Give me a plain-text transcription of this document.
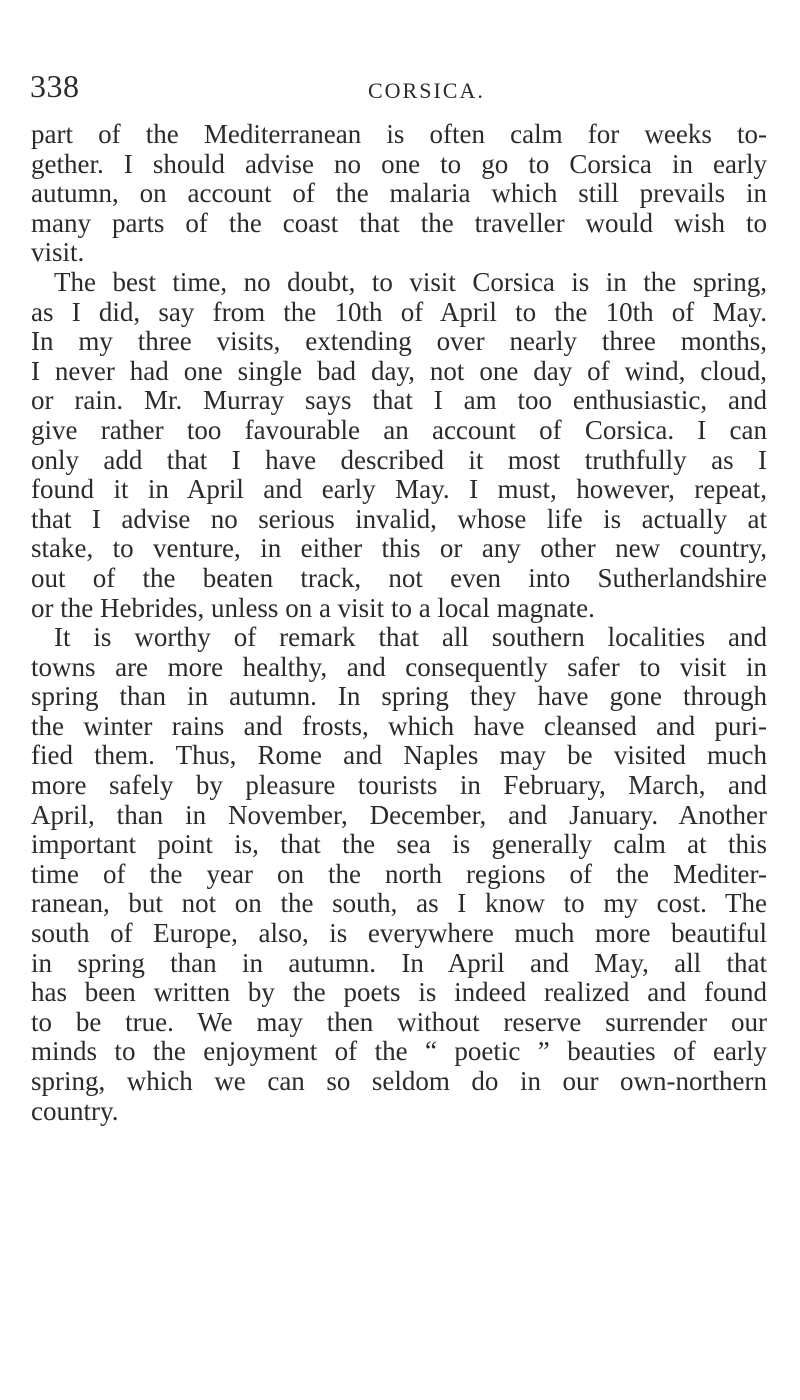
338	CORSICA.
part of the Mediterranean is often calm for weeks to-
gether. I should advise no one to go to Corsica in early
autumn, on account of the malaria which still prevails in
many parts of the coast that the traveller would wish to
visit.
The best time, no doubt, to visit Corsica is in the spring,
as I did, say from the 10th of April to the 10th of May.
In my three visits, extending over nearly three months,
I never had one single bad day, not one day of wind, cloud,
or rain. Mr. Murray says that I am too enthusiastic, and
give rather too favourable an account of Corsica. I can
only add that I have described it most truthfully as I
found it in April and early May. I must, however, repeat,
that I advise no serious invalid, whose life is actually at
stake, to venture, in either this or any other new country,
out of the beaten track, not even into Sutherlandshire
or the Hebrides, unless on a visit to a local magnate.
It is worthy of remark that all southern localities and
towns are more healthy, and consequently safer to visit in
spring than in autumn. In spring they have gone through
the winter rains and frosts, which have cleansed and puri-
fied them. Thus, Rome and Naples may be visited much
more safely by pleasure tourists in February, March, and
April, than in November, December, and January. Another
important point is, that the sea is generally calm at this
time of the year on the north regions of the Mediter-
ranean, but not on the south, as I know to my cost. The
south of Europe, also, is everywhere much more beautiful
in spring than in autumn. In April and May, all that
has been written by the poets is indeed realized and found
to be true. We may then without reserve surrender our
minds to the enjoyment of the “ poetic ” beauties of early
spring, which we can so seldom do in our own-northern
country.
